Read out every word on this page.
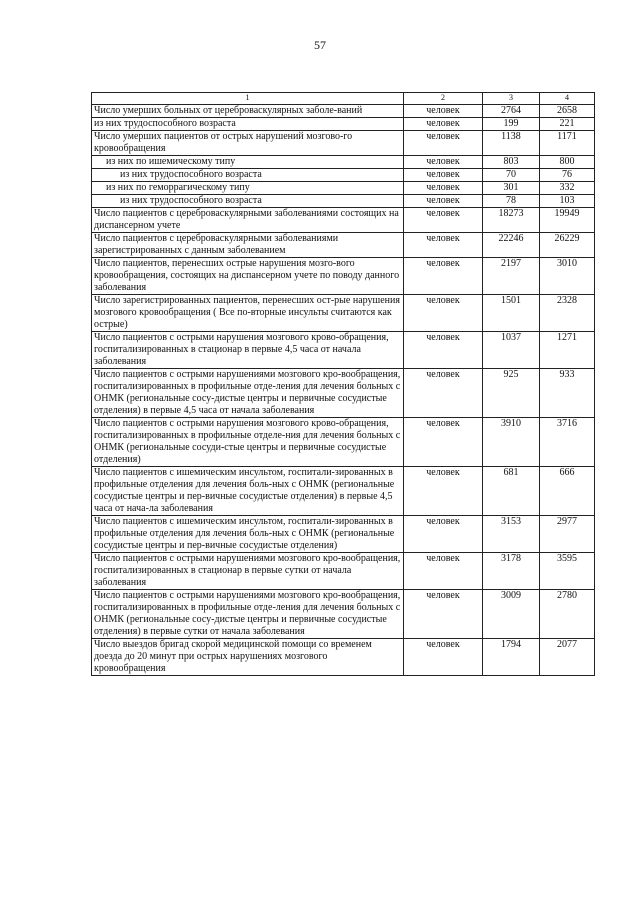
57
1	2	3	4
Число умерших больных от цереброваскулярных заболе-ваний	человек	2764	2658
из них трудоспособного возраста	человек	199	221
Число умерших пациентов от острых нарушений мозгово-го кровообращения	человек	1138	1171
из них по ишемическому типу	человек	803	800
из них трудоспособного возраста	человек	70	76
из них по геморрагическому типу	человек	301	332
из них трудоспособного возраста	человек	78	103
Число пациентов с цереброваскулярными заболеваниями состоящих на диспансерном учете	человек	18273	19949
Число пациентов с цереброваскулярными заболеваниями зарегистрированных с данным заболеванием	человек	22246	26229
Число пациентов, перенесших острые нарушения мозго-вого кровообращения, состоящих на диспансерном учете по поводу данного заболевания	человек	2197	3010
Число зарегистрированных пациентов, перенесших ост-рые нарушения мозгового кровообращения ( Все по-вторные инсульты считаются как острые)	человек	1501	2328
Число пациентов с острыми нарушения мозгового крово-обращения, госпитализированных в стационар в первые 4,5 часа от начала заболевания	человек	1037	1271
Число пациентов с острыми нарушениями мозгового кро-вообращения, госпитализированных в профильные отде-ления для лечения больных с ОНМК (региональные сосу-дистые центры и первичные сосудистые отделения) в первые 4,5 часа от начала заболевания	человек	925	933
Число пациентов с острыми нарушения мозгового крово-обращения, госпитализированных в профильные отделе-ния для лечения больных с ОНМК (региональные сосуди-стые центры и первичные сосудистые отделения)	человек	3910	3716
Число пациентов с ишемическим инсультом, госпитали-зированных в профильные отделения для лечения боль-ных с ОНМК (региональные сосудистые центры и пер-вичные сосудистые отделения) в первые 4,5 часа от нача-ла заболевания	человек	681	666
Число пациентов с ишемическим инсультом, госпитали-зированных в профильные отделения для лечения боль-ных с ОНМК (региональные сосудистые центры и пер-вичные сосудистые отделения)	человек	3153	2977
Число пациентов с острыми нарушениями мозгового кро-вообращения, госпитализированных в стационар в первые сутки от начала заболевания	человек	3178	3595
Число пациентов с острыми нарушениями мозгового кро-вообращения, госпитализированных в профильные отде-ления для лечения больных с ОНМК (региональные сосу-дистые центры и первичные сосудистые отделения) в первые сутки от начала заболевания	человек	3009	2780
Число выездов бригад скорой медицинской помощи со временем доезда до 20 минут при острых нарушениях мозгового кровообращения	человек	1794	2077
